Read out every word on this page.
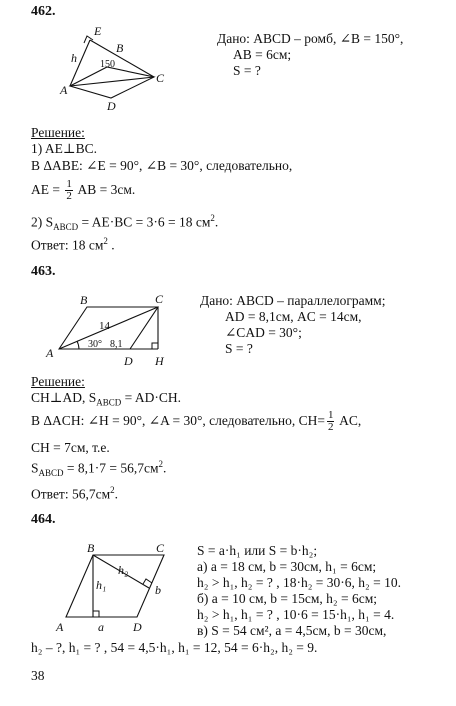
462.
E
B
h 150
A
C
D
Дано: ABCD – ромб, ∠B = 150°,
AB = 6см;
S = ?
Решение:
1) AE⊥BC.
В ΔABE: ∠E = 90°, ∠B = 30°, следовательно,
AE = $\frac{1}{2}$ AB = 3см.
2) $S_{ABCD} = AE\cdot BC = 3\cdot 6 = 18$ $см^2$.
Ответ: 18 $см^2$ .
463.
B	C
14
30° 8,1
A
D H
Дано: ABCD – параллелограмм;
AD = 8,1см, AC = 14см,
∠CAD = 30°;
S = ?
Решение:
CH⊥AD, $S_{ABCD} = AD\cdot CH$.
В ΔACH: ∠H = 90°, ∠A = 30°, следовательно, $CH= \frac{1}{2}$ AC,
CH = 7см, т.е.
$S_{ABCD} = 8,1\cdot 7 = 56,7см^2$.
Ответ: $56,7см^2$.
464.
B	C
h₂
h₁	b
a
A	D
S = a·h₁ или S = b·h₂;
а) a = 18 см, b = 30см, h₁ = 6см;
h₂ > h₁, h₂ = ? , 18·h₂ = 30·6, h₂ = 10.
б) a = 10 см, b = 15см, h₂ = 6см;
h₂ > h₁, h₁ = ? , 10·6 = 15·h₁, h₁ = 4.
в) S = 54 см², a = 4,5см, b = 30см,
h₂ – ?, h₁ = ? , 54 = 4,5·h₁, h₁ = 12, 54 = 6·h₂, h₂ = 9.
38
